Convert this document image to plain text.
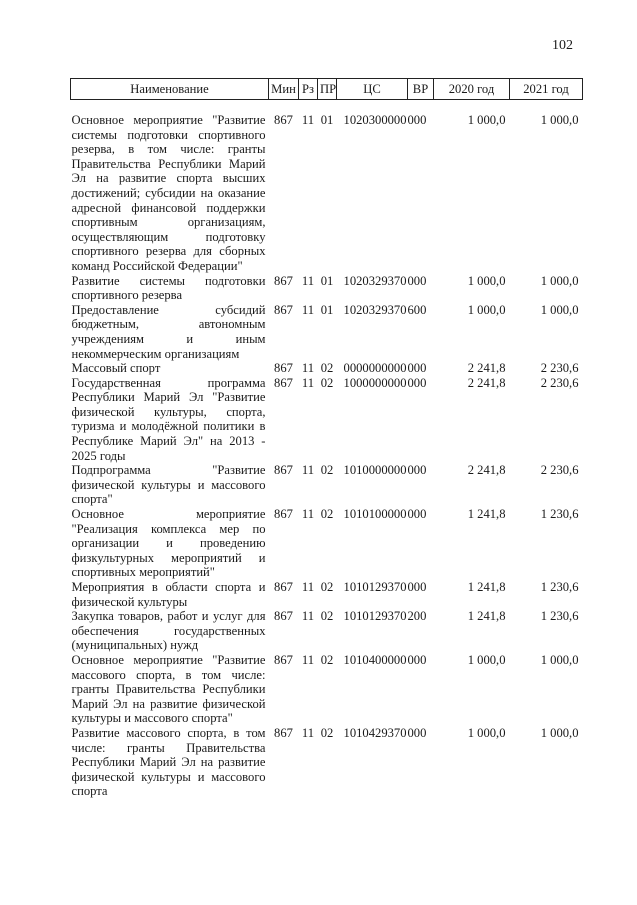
102
Наименование	Мин	Рз	ПР	ЦС	ВР	2020 год	2021 год
Основное мероприятие "Развитие системы подготовки спортивного резерва, в том числе: гранты Правительства Республики Марий Эл на развитие спорта высших достижений; субсидии на оказание адресной финансовой поддержки спортивным организациям, осуществляющим подготовку спортивного резерва для сборных команд Российской Федерации"	867	11	01	1020300000	000	1 000,0	1 000,0
Развитие системы подготовки спортивного резерва	867	11	01	1020329370	000	1 000,0	1 000,0
Предоставление субсидий бюджетным, автономным учреждениям и иным некоммерческим организациям	867	11	01	1020329370	600	1 000,0	1 000,0
Массовый спорт	867	11	02	0000000000	000	2 241,8	2 230,6
Государственная программа Республики Марий Эл "Развитие физической культуры, спорта, туризма и молодёжной политики в Республике Марий Эл" на 2013 - 2025 годы	867	11	02	1000000000	000	2 241,8	2 230,6
Подпрограмма "Развитие физической культуры и массового спорта"	867	11	02	1010000000	000	2 241,8	2 230,6
Основное мероприятие "Реализация комплекса мер по организации и проведению физкультурных мероприятий и спортивных мероприятий"	867	11	02	1010100000	000	1 241,8	1 230,6
Мероприятия в области спорта и физической культуры	867	11	02	1010129370	000	1 241,8	1 230,6
Закупка товаров, работ и услуг для обеспечения государственных (муниципальных) нужд	867	11	02	1010129370	200	1 241,8	1 230,6
Основное мероприятие "Развитие массового спорта, в том числе: гранты Правительства Республики Марий Эл на развитие физической культуры и массового спорта"	867	11	02	1010400000	000	1 000,0	1 000,0
Развитие массового спорта, в том числе: гранты Правительства Республики Марий Эл на развитие физической культуры и массового спорта	867	11	02	1010429370	000	1 000,0	1 000,0
